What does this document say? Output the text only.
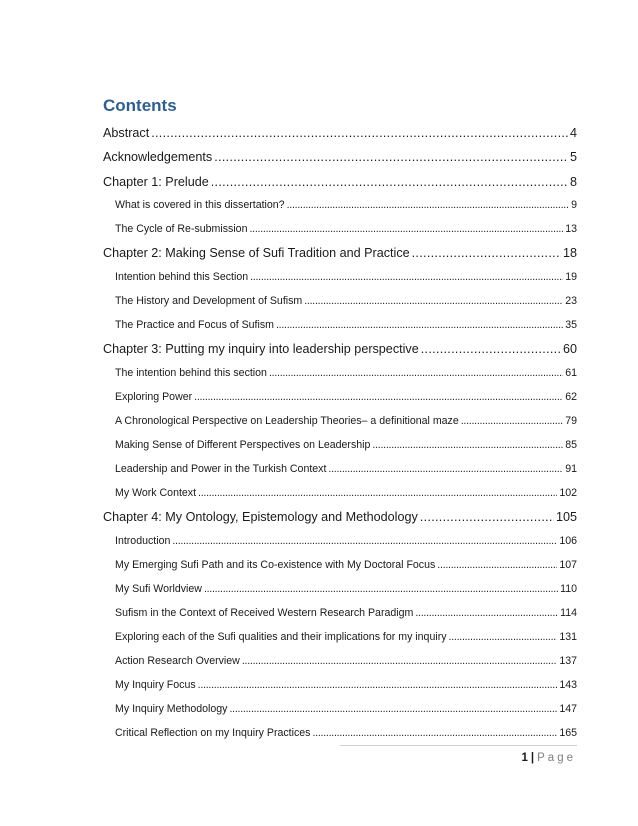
Contents
Abstract . . .	4
Acknowledgements . . .	5
Chapter 1: Prelude . . .	8
What is covered in this dissertation? . . .	9
The Cycle of Re-submission . . .	13
Chapter 2: Making Sense of Sufi Tradition and Practice . . .	18
Intention behind this Section . . .	19
The History and Development of Sufism . . .	23
The Practice and Focus of Sufism . . .	35
Chapter 3: Putting my inquiry into leadership perspective . . .	60
The intention behind this section . . .	61
Exploring Power . . .	62
A Chronological Perspective on Leadership Theories– a definitional maze . . .	79
Making Sense of Different Perspectives on Leadership . . .	85
Leadership and Power in the Turkish Context . . .	91
My Work Context . . .	102
Chapter 4: My Ontology, Epistemology and Methodology . . .	105
Introduction . . .	106
My Emerging Sufi Path and its Co-existence with My Doctoral Focus . . .	107
My Sufi Worldview . . .	110
Sufism in the Context of Received Western Research Paradigm . . .	114
Exploring each of the Sufi qualities and their implications for my inquiry . . .	131
Action Research Overview . . .	137
My Inquiry Focus . . .	143
My Inquiry Methodology . . .	147
Critical Reflection on my Inquiry Practices . . .	165
1 | Page
